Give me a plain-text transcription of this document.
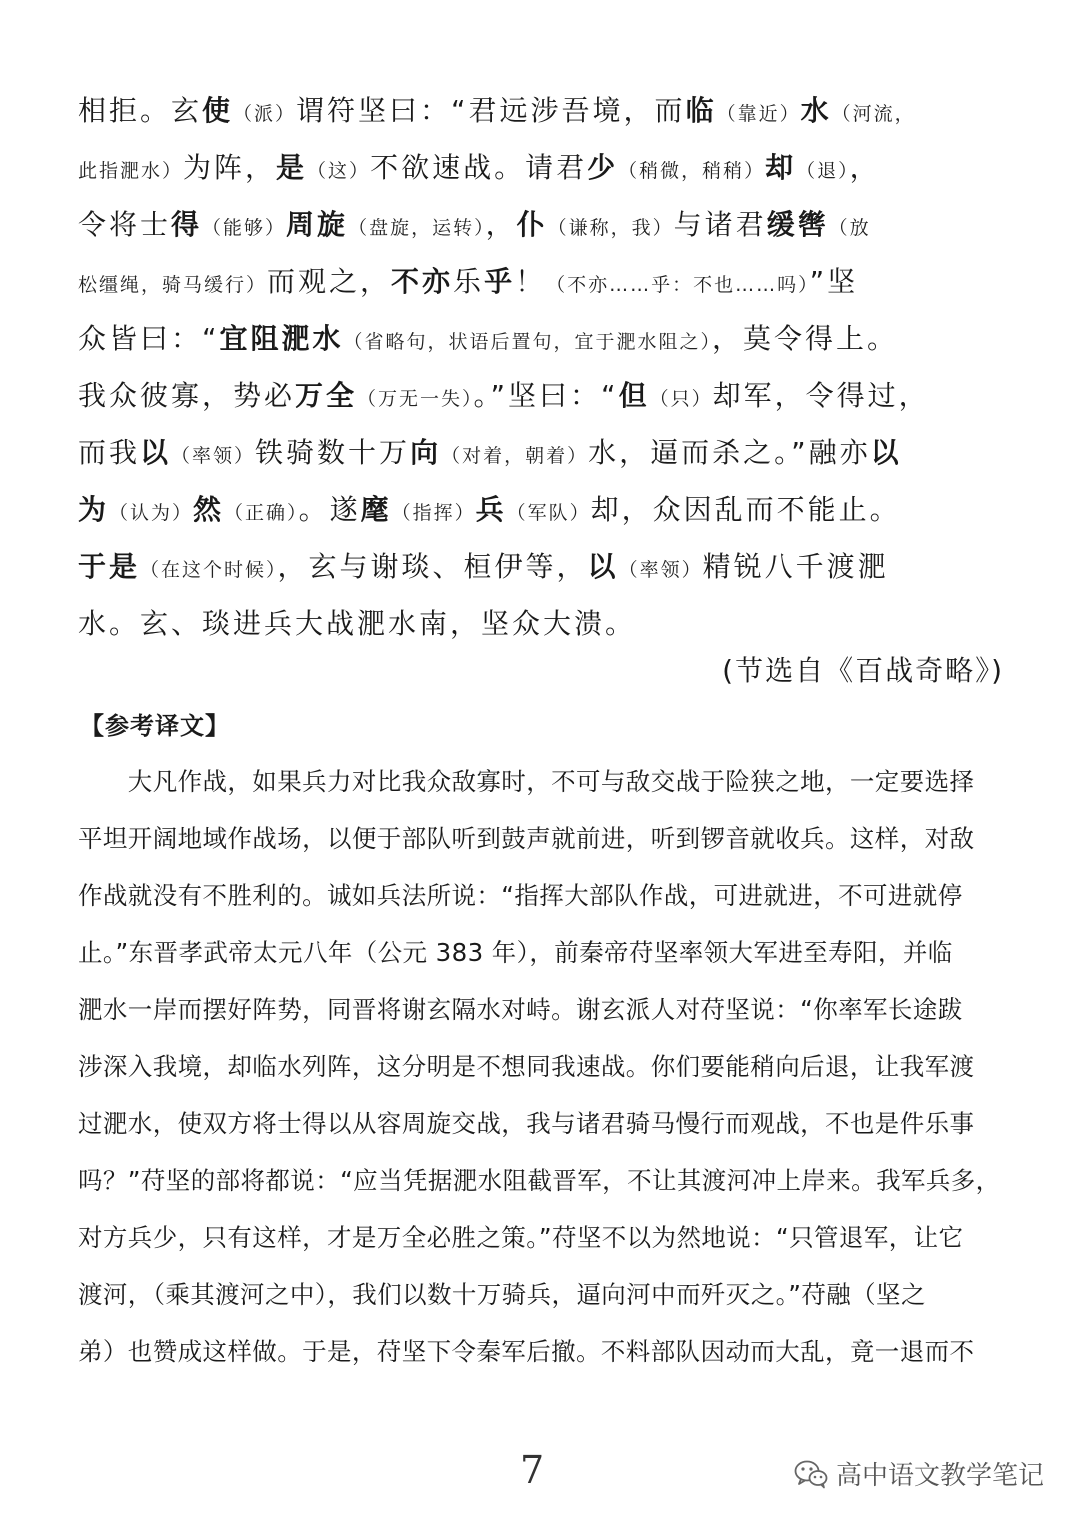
相拒。玄使（派）谓符坚曰：“君远涉吾境，而临（靠近）水（河流，
此指淝水）为阵，是（这）不欲速战。请君少（稍微，稍稍）却（退），
令将士得（能够）周旋（盘旋，运转），仆（谦称，我）与诸君缓辔（放
松缰绳，骑马缓行）而观之，不亦乐乎！（不亦……乎：不也……吗）”坚
众皆曰：“宜阻淝水（省略句，状语后置句，宜于淝水阻之），莫令得上。
我众彼寡，势必万全（万无一失）。”坚曰：“但（只）却军，令得过，
而我以（率领）铁骑数十万向（对着，朝着）水，逼而杀之。”融亦以
为（认为）然（正确）。遂麾（指挥）兵（军队）却，众因乱而不能止。
于是（在这个时候），玄与谢琰、桓伊等，以（率领）精锐八千渡淝
水。玄、琰进兵大战淝水南，坚众大溃。
(节选自《百战奇略》)
【参考译文】
　　大凡作战，如果兵力对比我众敌寡时，不可与敌交战于险狭之地，一定要选择
平坦开阔地域作战场，以便于部队听到鼓声就前进，听到锣音就收兵。这样，对敌
作战就没有不胜利的。诚如兵法所说：“指挥大部队作战，可进就进，不可进就停
止。”东晋孝武帝太元八年（公元 383 年），前秦帝苻坚率领大军进至寿阳，并临
淝水一岸而摆好阵势，同晋将谢玄隔水对峙。谢玄派人对苻坚说：“你率军长途跋
涉深入我境，却临水列阵，这分明是不想同我速战。你们要能稍向后退，让我军渡
过淝水，使双方将士得以从容周旋交战，我与诸君骑马慢行而观战，不也是件乐事
吗？”苻坚的部将都说：“应当凭据淝水阻截晋军，不让其渡河冲上岸来。我军兵多，
对方兵少，只有这样，才是万全必胜之策。”苻坚不以为然地说：“只管退军，让它
渡河，（乘其渡河之中），我们以数十万骑兵，逼向河中而歼灭之。”苻融（坚之
弟）也赞成这样做。于是，苻坚下令秦军后撤。不料部队因动而大乱，竟一退而不
7	高中语文教学笔记
